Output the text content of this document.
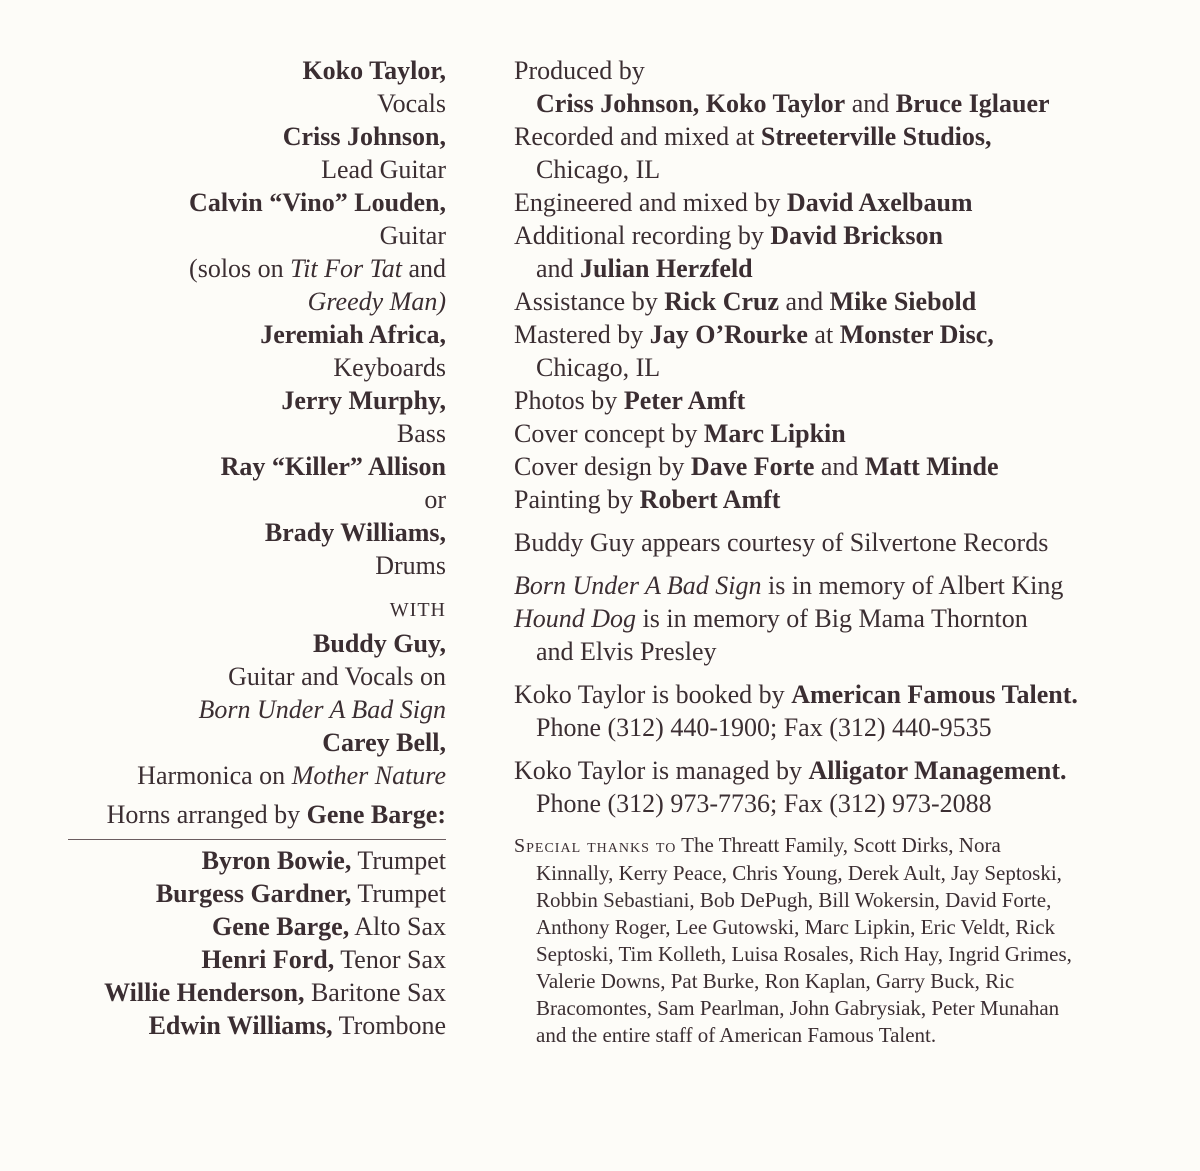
Koko Taylor,
Vocals
Criss Johnson,
Lead Guitar
Calvin “Vino” Louden,
Guitar
(solos on Tit For Tat and
Greedy Man)
Jeremiah Africa,
Keyboards
Jerry Murphy,
Bass
Ray “Killer” Allison
or
Brady Williams,
Drums
WITH
Buddy Guy,
Guitar and Vocals on
Born Under A Bad Sign
Carey Bell,
Harmonica on Mother Nature
Horns arranged by Gene Barge:
Byron Bowie, Trumpet
Burgess Gardner, Trumpet
Gene Barge, Alto Sax
Henri Ford, Tenor Sax
Willie Henderson, Baritone Sax
Edwin Williams, Trombone
Produced by
Criss Johnson, Koko Taylor and Bruce Iglauer
Recorded and mixed at Streeterville Studios,
Chicago, IL
Engineered and mixed by David Axelbaum
Additional recording by David Brickson
and Julian Herzfeld
Assistance by Rick Cruz and Mike Siebold
Mastered by Jay O’Rourke at Monster Disc,
Chicago, IL
Photos by Peter Amft
Cover concept by Marc Lipkin
Cover design by Dave Forte and Matt Minde
Painting by Robert Amft
Buddy Guy appears courtesy of Silvertone Records
Born Under A Bad Sign is in memory of Albert King
Hound Dog is in memory of Big Mama Thornton
and Elvis Presley
Koko Taylor is booked by American Famous Talent.
Phone (312) 440-1900; Fax (312) 440-9535
Koko Taylor is managed by Alligator Management.
Phone (312) 973-7736; Fax (312) 973-2088
Special thanks to The Threatt Family, Scott Dirks, Nora
Kinnally, Kerry Peace, Chris Young, Derek Ault, Jay Septoski,
Robbin Sebastiani, Bob DePugh, Bill Wokersin, David Forte,
Anthony Roger, Lee Gutowski, Marc Lipkin, Eric Veldt, Rick
Septoski, Tim Kolleth, Luisa Rosales, Rich Hay, Ingrid Grimes,
Valerie Downs, Pat Burke, Ron Kaplan, Garry Buck, Ric
Bracomontes, Sam Pearlman, John Gabrysiak, Peter Munahan
and the entire staff of American Famous Talent.
